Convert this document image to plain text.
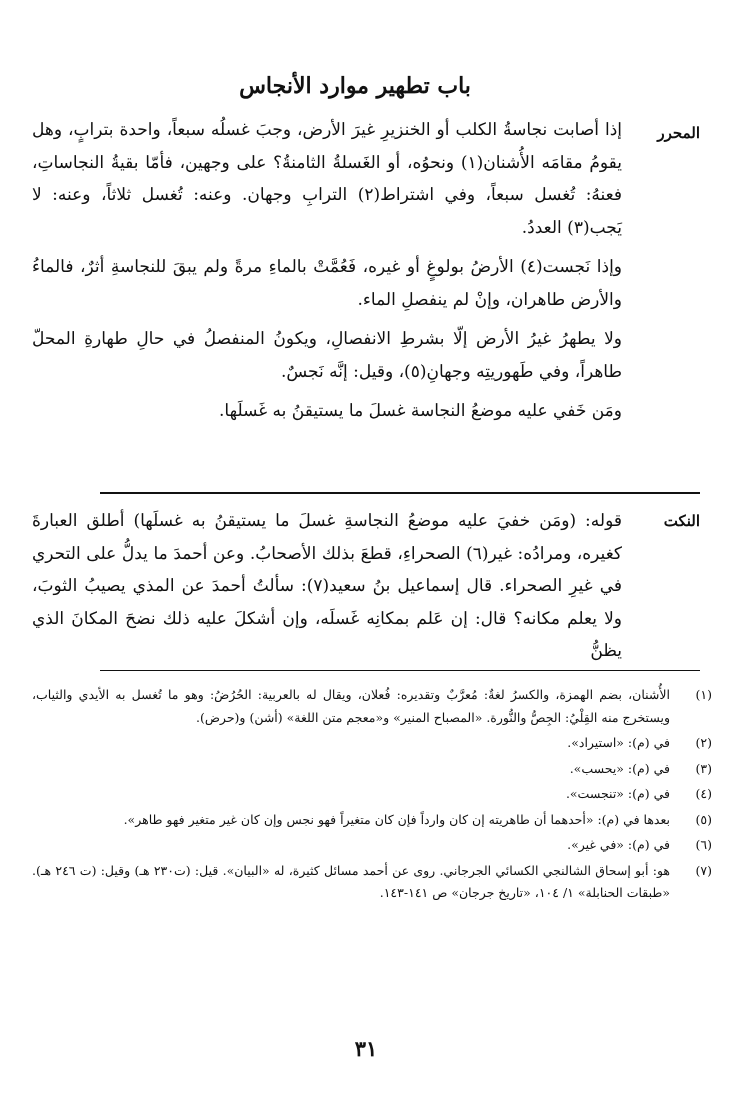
باب تطهير موارد الأنجاس
المحرر

إذا أصابت نجاسةُ الكلب أو الخنزيرِ غيرَ الأرض، وجبَ غسلُه سبعاً، واحدة بترابٍ، وهل يقومُ مقامَه الأُشنان(١) ونحوُه، أو الغَسلةُ الثامنةُ؟ على وجهين، فأمّا بقيةُ النجاساتِ، فعنهُ: تُغسل سبعاً، وفي اشتراط(٢) الترابِ وجهان. وعنه: تُغسل ثلاثاً، وعنه: لا يَجب(٣) العددُ.

وإذا نَجست(٤) الأرضُ بولوغٍ أو غيره، فَعُمَّتْ بالماءِ مرةً ولم يبقَ للنجاسةِ أثرٌ، فالماءُ والأرض طاهران، وإنْ لم ينفصلِ الماء.

ولا يطهرُ غيرُ الأرض إلّا بشرطِ الانفصالِ، ويكونُ المنفصلُ في حالِ طهارةِ المحلّ طاهراً، وفي طَهوريتِه وجهانِ(٥)، وقيل: إنَّه نَجسٌ.

ومَن خَفي عليه موضعُ النجاسة غسلَ ما يستيقنُ به غَسلَها.

النكت

قوله: (ومَن خفيَ عليه موضعُ النجاسةِ غسلَ ما يستيقنُ به غسلَها) أطلق العبارةَ كغيره، ومرادُه: غير(٦) الصحراءِ، قطعَ بذلك الأصحابُ. وعن أحمدَ ما يدلُّ على التحري في غيرِ الصحراء. قال إسماعيل بنُ سعيد(٧): سألتُ أحمدَ عن المذي يصيبُ الثوبَ، ولا يعلم مكانه؟ قال: إن عَلم بمكانِه غَسلَه، وإن أشكلَ عليه ذلك نضحَ المكانَ الذي يظنُّ

(١)
الأُشنان، بضم الهمزة، والكسرُ لغةٌ: مُعرَّبٌ وتقديره: فُعلان، ويقال له بالعربية: الحُرُضُ: وهو ما تُغسل به الأيدي والثياب، ويستخرج منه القِلْيُ: الجِصُّ والنُّورة. «المصباح المنير» و«معجم متن اللغة» (أشن) و(حرض).
(٢)
في (م): «استيراد».
(٣)
في (م): «يحسب».
(٤)
في (م): «تنجست».
(٥)
بعدها في (م): «أحدهما أن طاهريته إن كان وارداً فإن كان متغيراً فهو نجس وإن كان غير متغير فهو طاهر».
(٦)
في (م): «في غير».
(٧)
هو: أبو إسحاق الشالنجي الكسائي الجرجاني. روى عن أحمد مسائل كثيرة، له «البيان». قيل: (ت٢٣٠ هـ) وقيل: (ت ٢٤٦ هـ). «طبقات الحنابلة» ١/ ١٠٤، «تاريخ جرجان» ص ١٤١-١٤٣.
٣١
